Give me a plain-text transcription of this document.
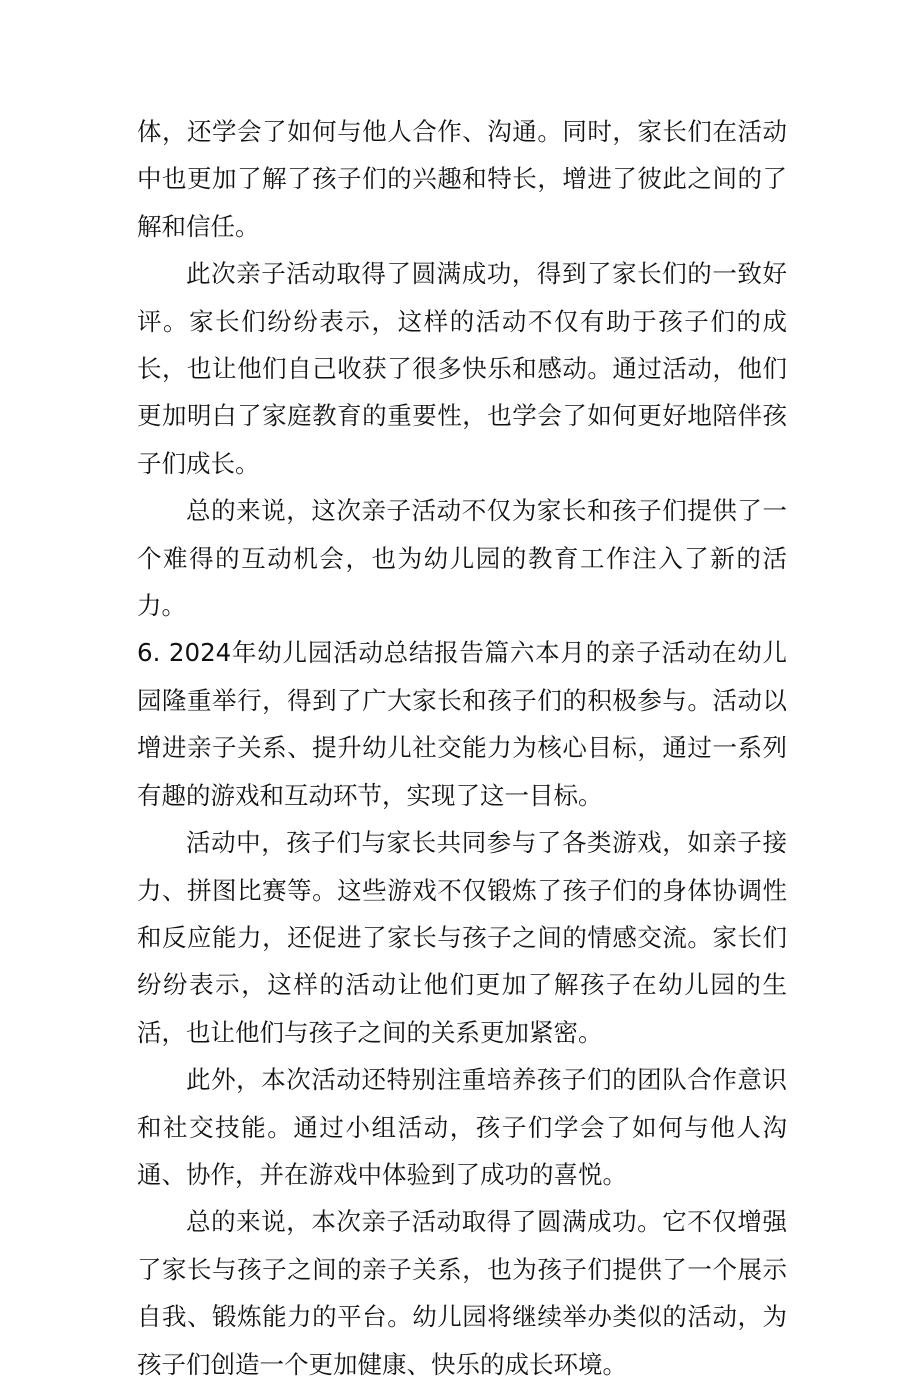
体，还学会了如何与他人合作、沟通。同时，家长们在活动中也更加了解了孩子们的兴趣和特长，增进了彼此之间的了解和信任。

此次亲子活动取得了圆满成功，得到了家长们的一致好评。家长们纷纷表示，这样的活动不仅有助于孩子们的成长，也让他们自己收获了很多快乐和感动。通过活动，他们更加明白了家庭教育的重要性，也学会了如何更好地陪伴孩子们成长。

总的来说，这次亲子活动不仅为家长和孩子们提供了一个难得的互动机会，也为幼儿园的教育工作注入了新的活力。

6. 2024年幼儿园活动总结报告篇六本月的亲子活动在幼儿园隆重举行，得到了广大家长和孩子们的积极参与。活动以增进亲子关系、提升幼儿社交能力为核心目标，通过一系列有趣的游戏和互动环节，实现了这一目标。

活动中，孩子们与家长共同参与了各类游戏，如亲子接力、拼图比赛等。这些游戏不仅锻炼了孩子们的身体协调性和反应能力，还促进了家长与孩子之间的情感交流。家长们纷纷表示，这样的活动让他们更加了解孩子在幼儿园的生活，也让他们与孩子之间的关系更加紧密。

此外，本次活动还特别注重培养孩子们的团队合作意识和社交技能。通过小组活动，孩子们学会了如何与他人沟通、协作，并在游戏中体验到了成功的喜悦。

总的来说，本次亲子活动取得了圆满成功。它不仅增强了家长与孩子之间的亲子关系，也为孩子们提供了一个展示自我、锻炼能力的平台。幼儿园将继续举办类似的活动，为孩子们创造一个更加健康、快乐的成长环境。
